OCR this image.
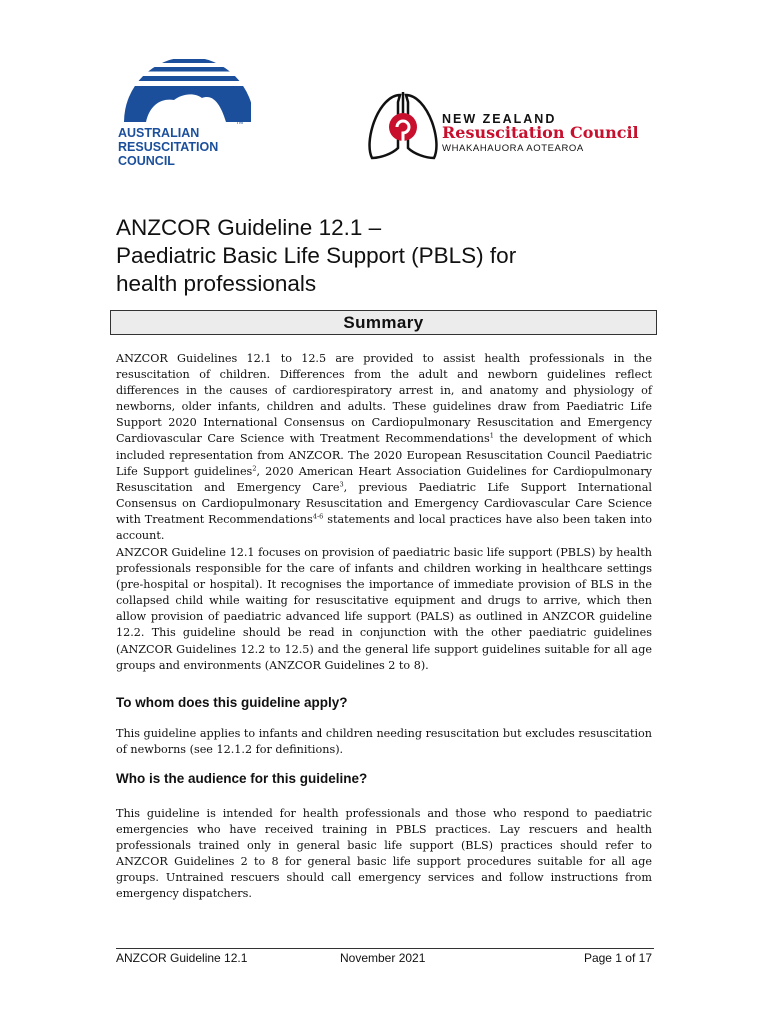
AUSTRALIAN
RESUSCITATION
COUNCIL
TM	NEW ZEALAND
Resuscitation Council
WHAKAHAUORA AOTEAROA
ANZCOR Guideline 12.1 –
Paediatric Basic Life Support (PBLS) for
health professionals
Summary

ANZCOR Guidelines 12.1 to 12.5 are provided to assist health professionals in the resuscitation of children. Differences from the adult and newborn guidelines reflect differences in the causes of cardiorespiratory arrest in, and anatomy and physiology of newborns, older infants, children and adults. These guidelines draw from Paediatric Life Support 2020 International Consensus on Cardiopulmonary Resuscitation and Emergency Cardiovascular Care Science with Treatment Recommendations$^1$ the development of which included representation from ANZCOR. The 2020 European Resuscitation Council Paediatric Life Support guidelines$^2$, 2020 American Heart Association Guidelines for Cardiopulmonary Resuscitation and Emergency Care$^3$, previous Paediatric Life Support International Consensus on Cardiopulmonary Resuscitation and Emergency Cardiovascular Care Science with Treatment Recommendations$^{4-6}$ statements and local practices have also been taken into account.

ANZCOR Guideline 12.1 focuses on provision of paediatric basic life support (PBLS) by health professionals responsible for the care of infants and children working in healthcare settings (pre-hospital or hospital). It recognises the importance of immediate provision of BLS in the collapsed child while waiting for resuscitative equipment and drugs to arrive, which then allow provision of paediatric advanced life support (PALS) as outlined in ANZCOR guideline 12.2. This guideline should be read in conjunction with the other paediatric guidelines (ANZCOR Guidelines 12.2 to 12.5) and the general life support guidelines suitable for all age groups and environments (ANZCOR Guidelines 2 to 8).

To whom does this guideline apply?

This guideline applies to infants and children needing resuscitation but excludes resuscitation of newborns (see 12.1.2 for definitions).

Who is the audience for this guideline?

This guideline is intended for health professionals and those who respond to paediatric emergencies who have received training in PBLS practices. Lay rescuers and health professionals trained only in general basic life support (BLS) practices should refer to ANZCOR Guidelines 2 to 8 for general basic life support procedures suitable for all age groups. Untrained rescuers should call emergency services and follow instructions from emergency dispatchers.

ANZCOR Guideline 12.1	November 2021	Page 1 of 17
